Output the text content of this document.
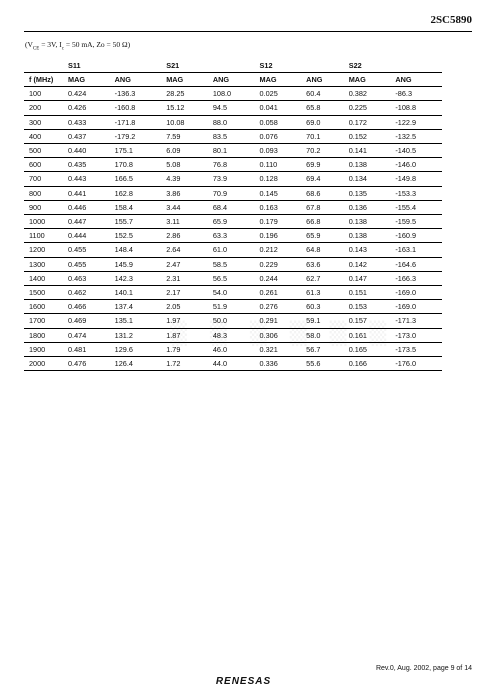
2SC5890
($V_{CE} = 3V$, $I_c = 50$ mA, Zo = 50 Ω)
	S11		S21		S12		S22	
f (MHz)	MAG	ANG	MAG	ANG	MAG	ANG	MAG	ANG
100	0.424	-136.3	28.25	108.0	0.025	60.4	0.382	-86.3
200	0.426	-160.8	15.12	94.5	0.041	65.8	0.225	-108.8
300	0.433	-171.8	10.08	88.0	0.058	69.0	0.172	-122.9
400	0.437	-179.2	7.59	83.5	0.076	70.1	0.152	-132.5
500	0.440	175.1	6.09	80.1	0.093	70.2	0.141	-140.5
600	0.435	170.8	5.08	76.8	0.110	69.9	0.138	-146.0
700	0.443	166.5	4.39	73.9	0.128	69.4	0.134	-149.8
800	0.441	162.8	3.86	70.9	0.145	68.6	0.135	-153.3
900	0.446	158.4	3.44	68.4	0.163	67.8	0.136	-155.4
1000	0.447	155.7	3.11	65.9	0.179	66.8	0.138	-159.5
1100	0.444	152.5	2.86	63.3	0.196	65.9	0.138	-160.9
1200	0.455	148.4	2.64	61.0	0.212	64.8	0.143	-163.1
1300	0.455	145.9	2.47	58.5	0.229	63.6	0.142	-164.6
1400	0.463	142.3	2.31	56.5	0.244	62.7	0.147	-166.3
1500	0.462	140.1	2.17	54.0	0.261	61.3	0.151	-169.0
1600	0.466	137.4	2.05	51.9	0.276	60.3	0.153	-169.0
1700	0.469	135.1	1.97	50.0	0.291	59.1	0.157	-171.3
1800	0.474	131.2	1.87	48.3	0.306	58.0	0.161	-173.0
1900	0.481	129.6	1.79	46.0	0.321	56.7	0.165	-173.5
2000	0.476	126.4	1.72	44.0	0.336	55.6	0.166	-176.0
Rev.0, Aug. 2002, page 9 of 14
RENESAS
